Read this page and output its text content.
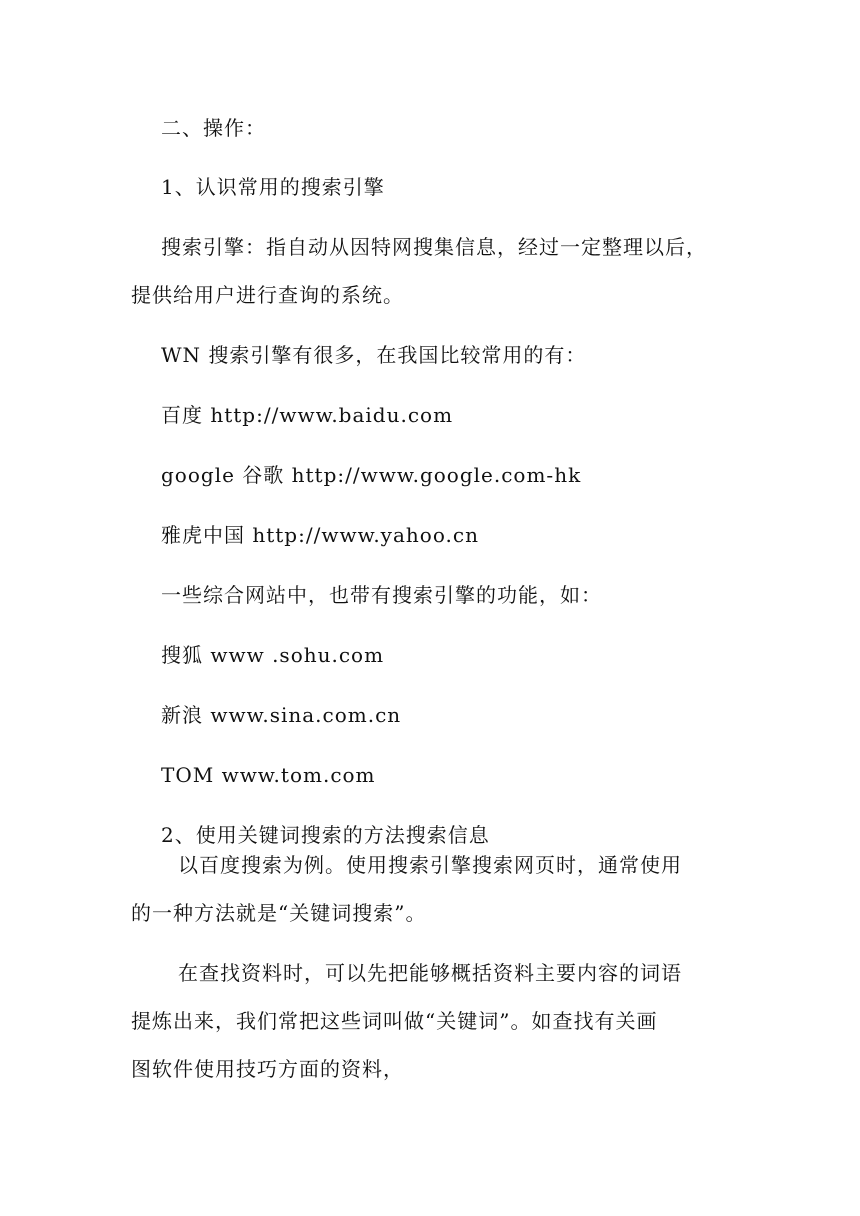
二、操作：
1、认识常用的搜索引擎
搜索引擎：指自动从因特网搜集信息，经过一定整理以后，
提供给用户进行查询的系统。
WN 搜索引擎有很多，在我国比较常用的有：
百度 http://www.baidu.com
google 谷歌 http://www.google.com-hk
雅虎中国 http://www.yahoo.cn
一些综合网站中，也带有搜索引擎的功能，如：
搜狐 www .sohu.com
新浪 www.sina.com.cn
TOM www.tom.com
2、使用关键词搜索的方法搜索信息
以百度搜索为例。使用搜索引擎搜索网页时，通常使用
的一种方法就是“关键词搜索”。
在查找资料时，可以先把能够概括资料主要内容的词语
提炼出来，我们常把这些词叫做“关键词”。如查找有关画
图软件使用技巧方面的资料，
